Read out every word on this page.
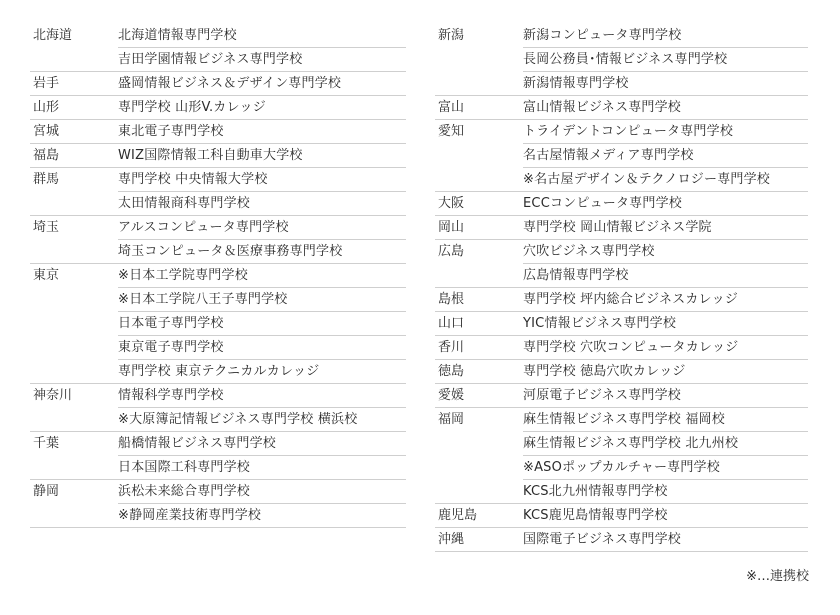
北海道	北海道情報専門学校
吉田学園情報ビジネス専門学校
岩手	盛岡情報ビジネス＆デザイン専門学校
山形	専門学校 山形V.カレッジ
宮城	東北電子専門学校
福島	WIZ国際情報工科自動車大学校
群馬	専門学校 中央情報大学校
太田情報商科専門学校
埼玉	アルスコンピュータ専門学校
埼玉コンピュータ＆医療事務専門学校
東京	※日本工学院専門学校
※日本工学院八王子専門学校
日本電子専門学校
東京電子専門学校
専門学校 東京テクニカルカレッジ
神奈川	情報科学専門学校
※大原簿記情報ビジネス専門学校 横浜校
千葉	船橋情報ビジネス専門学校
日本国際工科専門学校
静岡	浜松未来総合専門学校
※静岡産業技術専門学校
新潟	新潟コンピュータ専門学校
長岡公務員･情報ビジネス専門学校
新潟情報専門学校
富山	富山情報ビジネス専門学校
愛知	トライデントコンピュータ専門学校
名古屋情報メディア専門学校
※名古屋デザイン＆テクノロジー専門学校
大阪	ECCコンピュータ専門学校
岡山	専門学校 岡山情報ビジネス学院
広島	穴吹ビジネス専門学校
広島情報専門学校
島根	専門学校 坪内総合ビジネスカレッジ
山口	YIC情報ビジネス専門学校
香川	専門学校 穴吹コンピュータカレッジ
徳島	専門学校 徳島穴吹カレッジ
愛媛	河原電子ビジネス専門学校
福岡	麻生情報ビジネス専門学校 福岡校
麻生情報ビジネス専門学校 北九州校
※ASOポップカルチャー専門学校
KCS北九州情報専門学校
鹿児島	KCS鹿児島情報専門学校
沖縄	国際電子ビジネス専門学校
※…連携校
